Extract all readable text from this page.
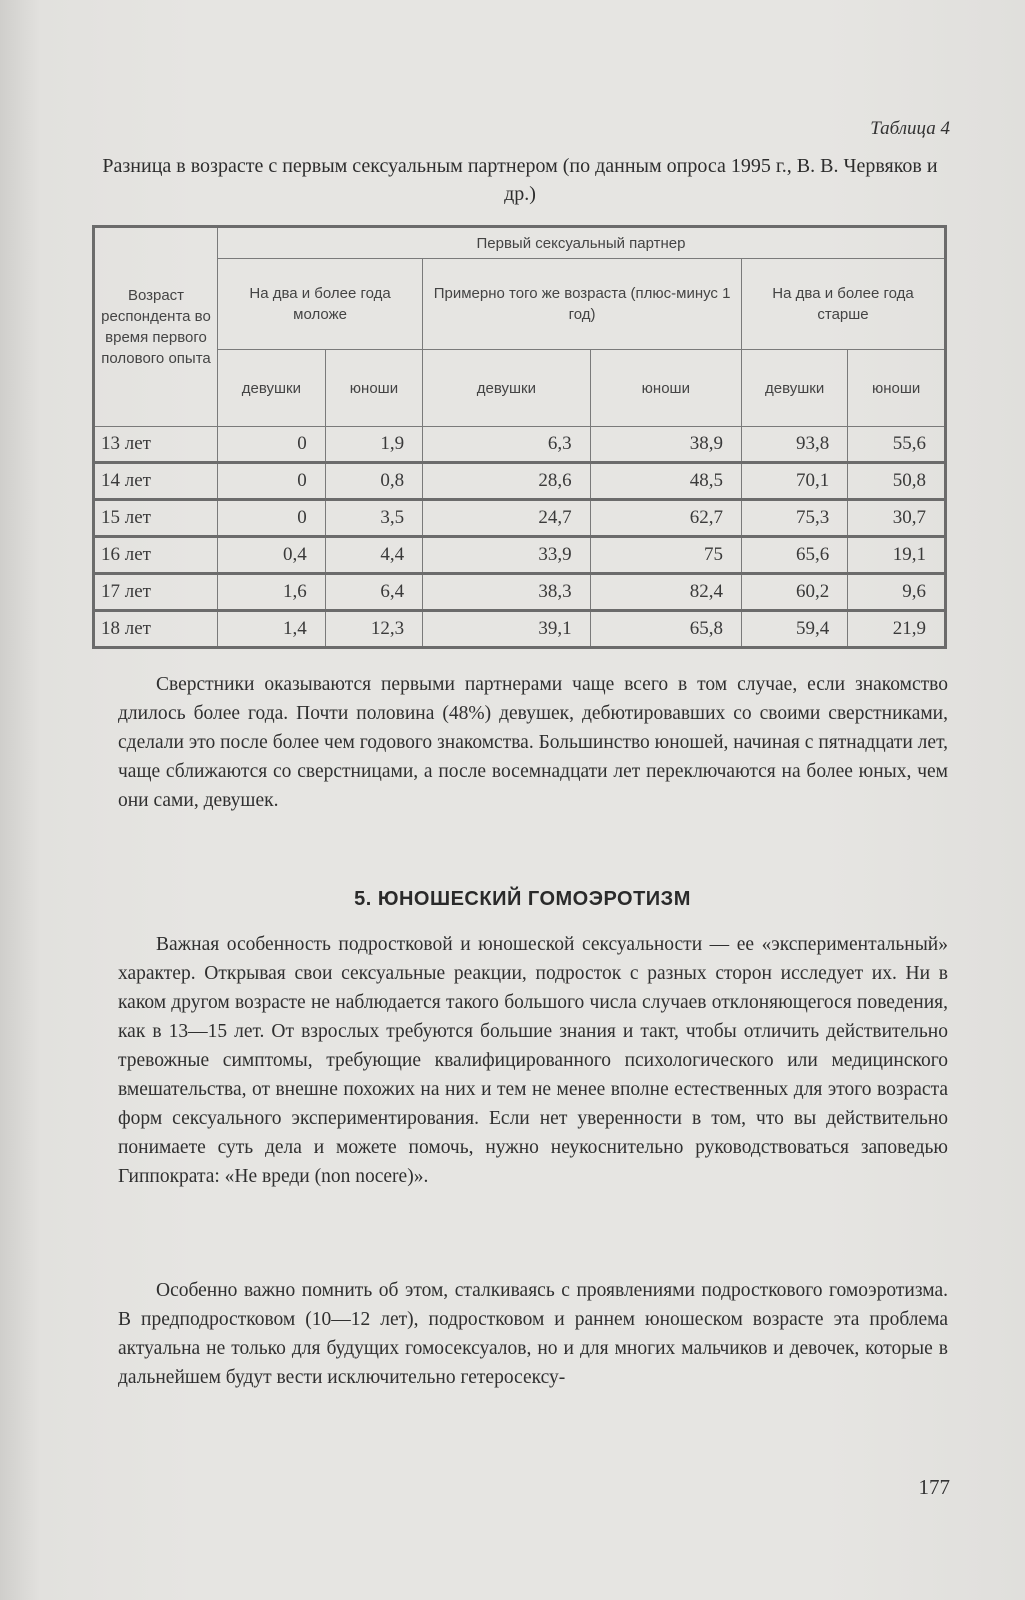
Таблица 4
Разница в возрасте с первым сексуальным партнером (по данным опроса 1995 г., В. В. Червяков и др.)
Возраст респондента во время первого полового опыта	Первый сексуальный партнер					
	На два и более года моложе		Примерно того же возраста (плюс-минус 1 год)		На два и более года старше	
	девушки	юноши	девушки	юноши	девушки	юноши
13 лет	0	1,9	6,3	38,9	93,8	55,6
14 лет	0	0,8	28,6	48,5	70,1	50,8
15 лет	0	3,5	24,7	62,7	75,3	30,7
16 лет	0,4	4,4	33,9	75	65,6	19,1
17 лет	1,6	6,4	38,3	82,4	60,2	9,6
18 лет	1,4	12,3	39,1	65,8	59,4	21,9

Сверстники оказываются первыми партнерами чаще всего в том случае, если знакомство длилось более года. Почти половина (48%) девушек, дебютировавших со своими сверстниками, сделали это после более чем годового знакомства. Большинство юношей, начиная с пятнадцати лет, чаще сближаются со сверстницами, а после восемнадцати лет переключаются на более юных, чем они сами, девушек.

5. ЮНОШЕСКИЙ ГОМОЭРОТИЗМ

Важная особенность подростковой и юношеской сексуальности — ее «экспериментальный» характер. Открывая свои сексуальные реакции, подросток с разных сторон исследует их. Ни в каком другом возрасте не наблюдается такого большого числа случаев отклоняющегося поведения, как в 13—15 лет. От взрослых требуются большие знания и такт, чтобы отличить действительно тревожные симптомы, требующие квалифицированного психологического или медицинского вмешательства, от внешне похожих на них и тем не менее вполне естественных для этого возраста форм сексуального экспериментирования. Если нет уверенности в том, что вы действительно понимаете суть дела и можете помочь, нужно неукоснительно руководствоваться заповедью Гиппократа: «Не вреди (non nocere)».

Особенно важно помнить об этом, сталкиваясь с проявлениями подросткового гомоэротизма. В предподростковом (10—12 лет), подростковом и раннем юношеском возрасте эта проблема актуальна не только для будущих гомосексуалов, но и для многих мальчиков и девочек, которые в дальнейшем будут вести исключительно гетеросексу-

177
